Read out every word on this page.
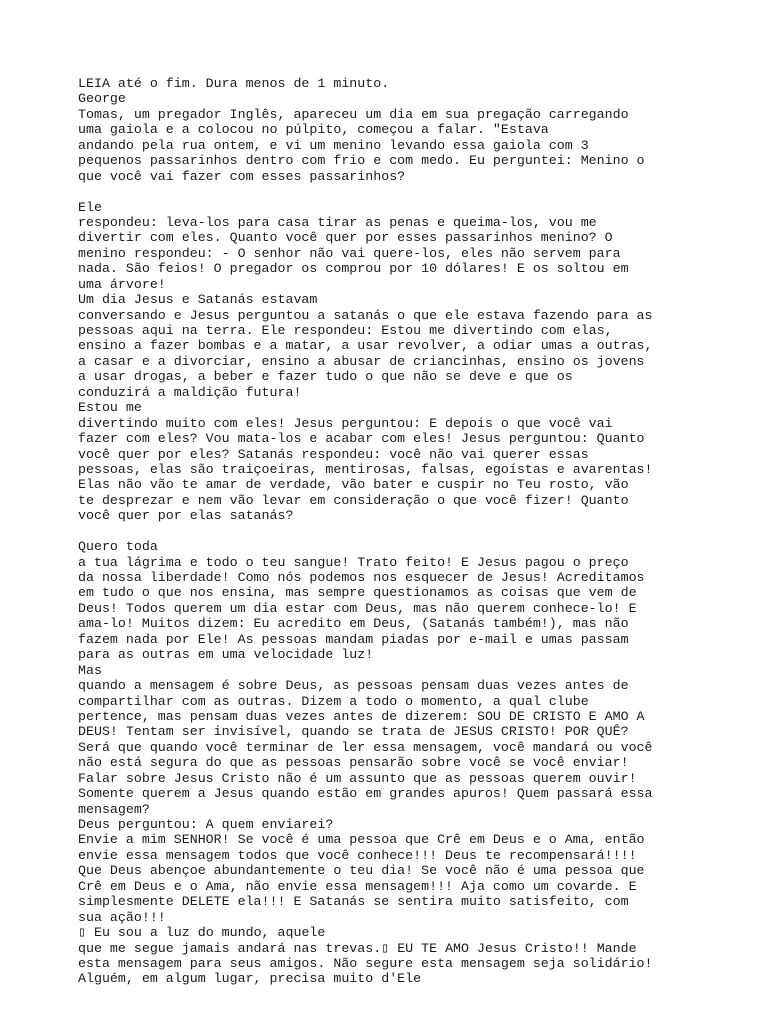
LEIA até o fim. Dura menos de 1 minuto.
George
Tomas, um pregador Inglês, apareceu um dia em sua pregação carregando
uma gaiola e a colocou no púlpito, começou a falar. "Estava
andando pela rua ontem, e vi um menino levando essa gaiola com 3
pequenos passarinhos dentro com frio e com medo. Eu perguntei: Menino o
que você vai fazer com esses passarinhos?
Ele
respondeu: leva-los para casa tirar as penas e queima-los, vou me
divertir com eles. Quanto você quer por esses passarinhos menino? O
menino respondeu: - O senhor não vai quere-los, eles não servem para
nada. São feios! O pregador os comprou por 10 dólares! E os soltou em
uma árvore!
Um dia Jesus e Satanás estavam
conversando e Jesus perguntou a satanás o que ele estava fazendo para as
pessoas aqui na terra. Ele respondeu: Estou me divertindo com elas,
ensino a fazer bombas e a matar, a usar revolver, a odiar umas a outras,
a casar e a divorciar, ensino a abusar de criancinhas, ensino os jovens
a usar drogas, a beber e fazer tudo o que não se deve e que os
conduzirá a maldição futura!
Estou me
divertindo muito com eles! Jesus perguntou: E depois o que você vai
fazer com eles? Vou mata-los e acabar com eles! Jesus perguntou: Quanto
você quer por eles? Satanás respondeu: você não vai querer essas
pessoas, elas são traiçoeiras, mentirosas, falsas, egoístas e avarentas!
Elas não vão te amar de verdade, vão bater e cuspir no Teu rosto, vão
te desprezar e nem vão levar em consideração o que você fizer! Quanto
você quer por elas satanás?
Quero toda
a tua lágrima e todo o teu sangue! Trato feito! E Jesus pagou o preço
da nossa liberdade! Como nós podemos nos esquecer de Jesus! Acreditamos
em tudo o que nos ensina, mas sempre questionamos as coisas que vem de
Deus! Todos querem um dia estar com Deus, mas não querem conhece-lo! E
ama-lo! Muitos dizem: Eu acredito em Deus, (Satanás também!), mas não
fazem nada por Ele! As pessoas mandam piadas por e-mail e umas passam
para as outras em uma velocidade luz!
Mas
quando a mensagem é sobre Deus, as pessoas pensam duas vezes antes de
compartilhar com as outras. Dizem a todo o momento, a qual clube
pertence, mas pensam duas vezes antes de dizerem: SOU DE CRISTO E AMO A
DEUS! Tentam ser invisível, quando se trata de JESUS CRISTO! POR QUÊ?
Será que quando você terminar de ler essa mensagem, você mandará ou você
não está segura do que as pessoas pensarão sobre você se você enviar!
Falar sobre Jesus Cristo não é um assunto que as pessoas querem ouvir!
Somente querem a Jesus quando estão em grandes apuros! Quem passará essa
mensagem?
Deus perguntou: A quem enviarei?
Envie a mim SENHOR! Se você é uma pessoa que Crê em Deus e o Ama, então
envie essa mensagem todos que você conhece!!! Deus te recompensará!!!!
Que Deus abençoe abundantemente o teu dia! Se você não é uma pessoa que
Crê em Deus e o Ama, não envie essa mensagem!!! Aja como um covarde. E
simplesmente DELETE ela!!! E Satanás se sentira muito satisfeito, com
sua ação!!!
▯ Eu sou a luz do mundo, aquele
que me segue jamais andará nas trevas.▯ EU TE AMO Jesus Cristo!! Mande
esta mensagem para seus amigos. Não segure esta mensagem seja solidário!
Alguém, em algum lugar, precisa muito d'Ele
